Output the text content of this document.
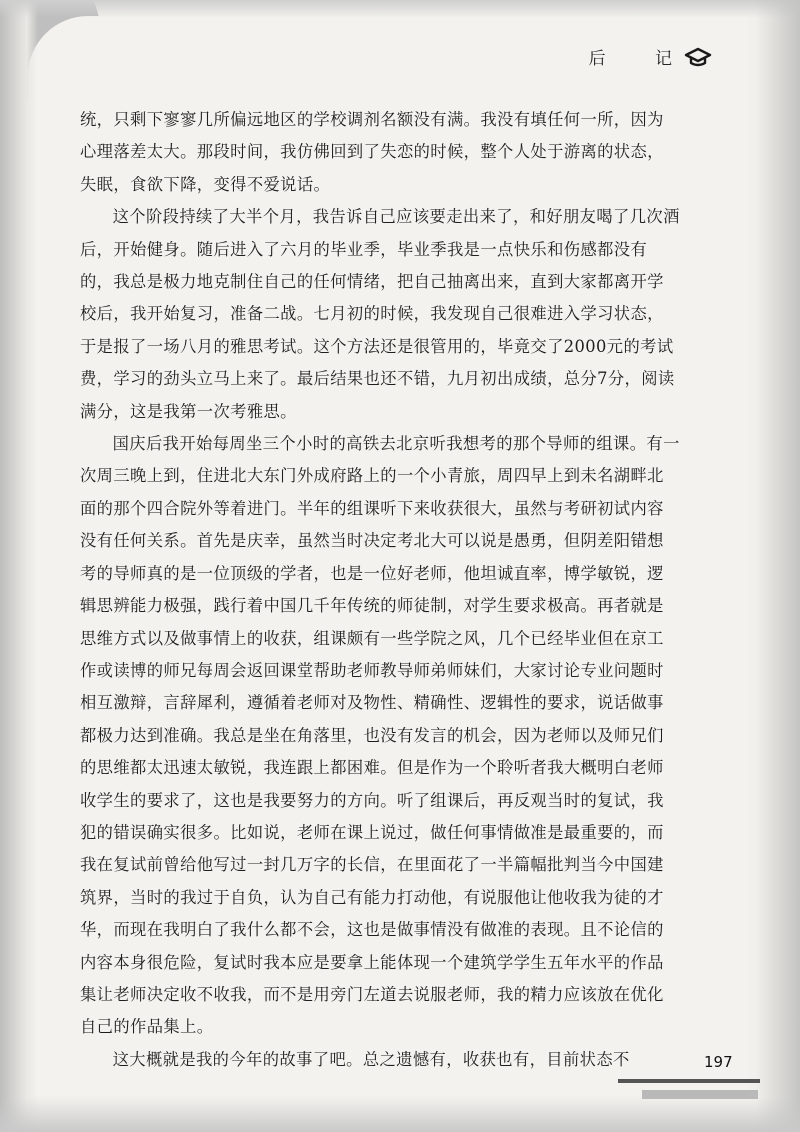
后 记

统，只剩下寥寥几所偏远地区的学校调剂名额没有满。我没有填任何一所，因为心理落差太大。那段时间，我仿佛回到了失恋的时候，整个人处于游离的状态，失眠，食欲下降，变得不爱说话。

这个阶段持续了大半个月，我告诉自己应该要走出来了，和好朋友喝了几次酒后，开始健身。随后进入了六月的毕业季，毕业季我是一点快乐和伤感都没有的，我总是极力地克制住自己的任何情绪，把自己抽离出来，直到大家都离开学校后，我开始复习，准备二战。七月初的时候，我发现自己很难进入学习状态，于是报了一场八月的雅思考试。这个方法还是很管用的，毕竟交了2000元的考试费，学习的劲头立马上来了。最后结果也还不错，九月初出成绩，总分7分，阅读满分，这是我第一次考雅思。

国庆后我开始每周坐三个小时的高铁去北京听我想考的那个导师的组课。有一次周三晚上到，住进北大东门外成府路上的一个小青旅，周四早上到未名湖畔北面的那个四合院外等着进门。半年的组课听下来收获很大，虽然与考研初试内容没有任何关系。首先是庆幸，虽然当时决定考北大可以说是愚勇，但阴差阳错想考的导师真的是一位顶级的学者，也是一位好老师，他坦诚直率，博学敏锐，逻辑思辨能力极强，践行着中国几千年传统的师徒制，对学生要求极高。再者就是思维方式以及做事情上的收获，组课颇有一些学院之风，几个已经毕业但在京工作或读博的师兄每周会返回课堂帮助老师教导师弟师妹们，大家讨论专业问题时相互激辩，言辞犀利，遵循着老师对及物性、精确性、逻辑性的要求，说话做事都极力达到准确。我总是坐在角落里，也没有发言的机会，因为老师以及师兄们的思维都太迅速太敏锐，我连跟上都困难。但是作为一个聆听者我大概明白老师收学生的要求了，这也是我要努力的方向。听了组课后，再反观当时的复试，我犯的错误确实很多。比如说，老师在课上说过，做任何事情做准是最重要的，而我在复试前曾给他写过一封几万字的长信，在里面花了一半篇幅批判当今中国建筑界，当时的我过于自负，认为自己有能力打动他，有说服他让他收我为徒的才华，而现在我明白了我什么都不会，这也是做事情没有做准的表现。且不论信的内容本身很危险，复试时我本应是要拿上能体现一个建筑学学生五年水平的作品集让老师决定收不收我，而不是用旁门左道去说服老师，我的精力应该放在优化自己的作品集上。

这大概就是我的今年的故事了吧。总之遗憾有，收获也有，目前状态不	197
